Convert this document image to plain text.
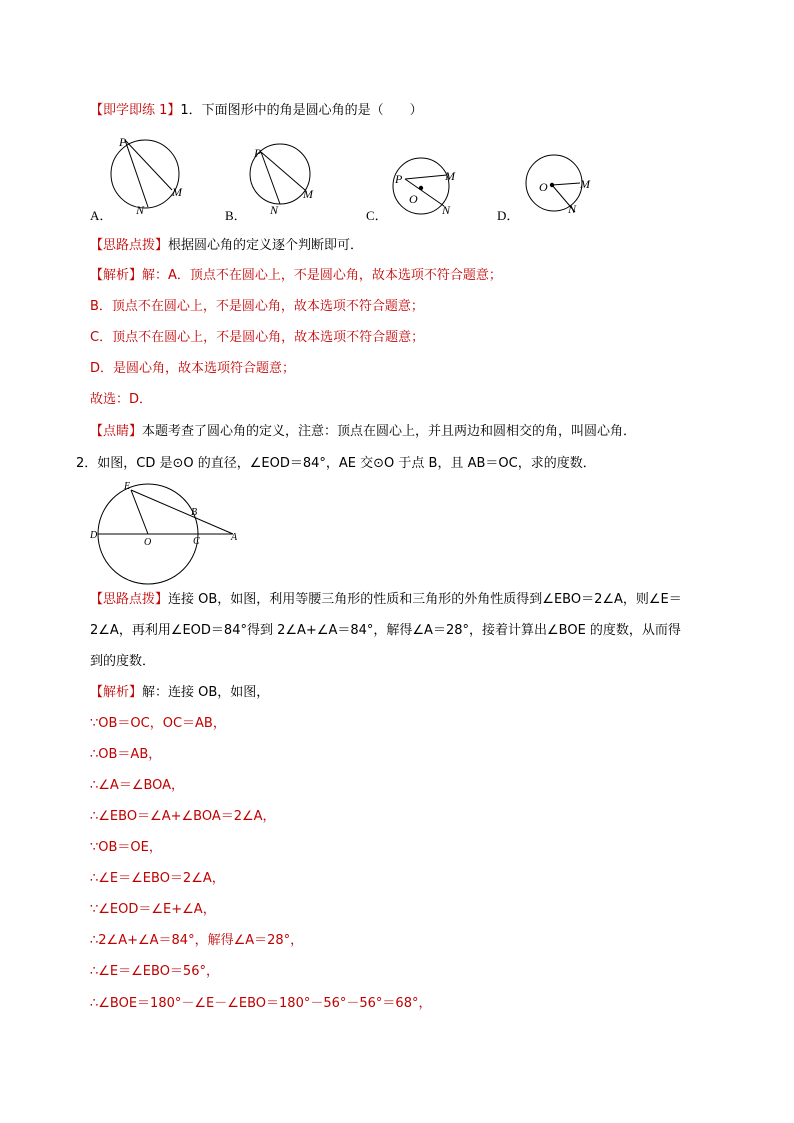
【即学即练 1】1．下面图形中的角是圆心角的是（　　）
P
M
N
P
M
N
P	M
O
N
O	M
N
A．	B．	C．	D．
【思路点拨】根据圆心角的定义逐个判断即可．
【解析】解：A．顶点不在圆心上，不是圆心角，故本选项不符合题意；
B．顶点不在圆心上，不是圆心角，故本选项不符合题意；
C．顶点不在圆心上，不是圆心角，故本选项不符合题意；
D．是圆心角，故本选项符合题意；
故选：D．
【点睛】本题考查了圆心角的定义，注意：顶点在圆心上，并且两边和圆相交的角，叫圆心角．
2．如图，CD 是⊙O 的直径，∠EOD＝84°，AE 交⊙O 于点 B，且 AB＝OC，求的度数．
E
B
D
O	C	A
【思路点拨】连接 OB，如图，利用等腰三角形的性质和三角形的外角性质得到∠EBO＝2∠A，则∠E＝
2∠A，再利用∠EOD＝84°得到 2∠A+∠A＝84°，解得∠A＝28°，接着计算出∠BOE 的度数，从而得
到的度数．
【解析】解：连接 OB，如图，
∵OB＝OC，OC＝AB，
∴OB＝AB，
∴∠A＝∠BOA，
∴∠EBO＝∠A+∠BOA＝2∠A，
∵OB＝OE，
∴∠E＝∠EBO＝2∠A，
∵∠EOD＝∠E+∠A，
∴2∠A+∠A＝84°，解得∠A＝28°，
∴∠E＝∠EBO＝56°，
∴∠BOE＝180°－∠E－∠EBO＝180°－56°－56°＝68°，
